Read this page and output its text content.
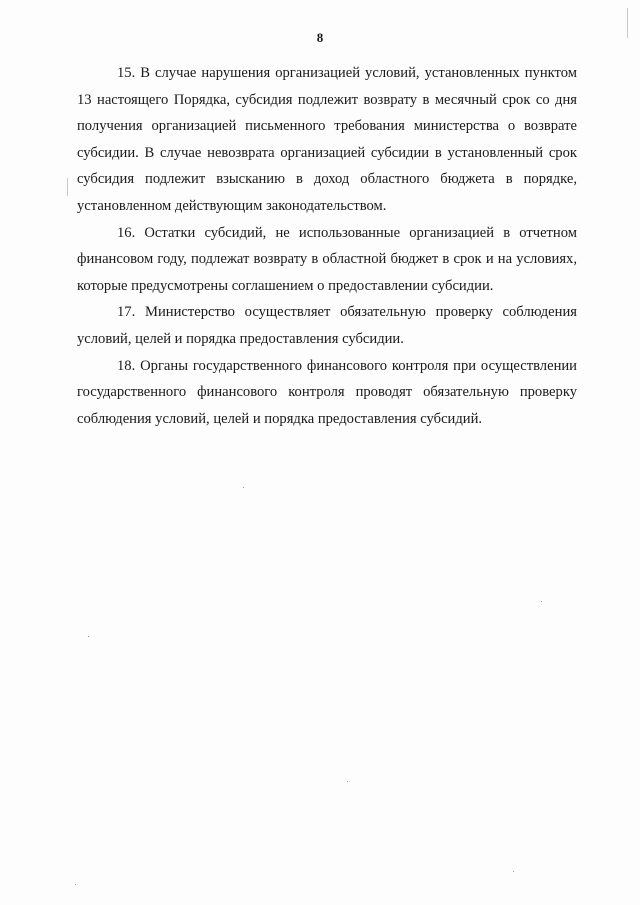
8

15. В случае нарушения организацией условий, установленных пунктом 13 настоящего Порядка, субсидия подлежит возврату в месячный срок со дня получения организацией письменного требования министерства о возврате субсидии. В случае невозврата организацией субсидии в установленный срок субсидия подлежит взысканию в доход областного бюджета в порядке, установленном действующим законодательством.

16. Остатки субсидий, не использованные организацией в отчетном финансовом году, подлежат возврату в областной бюджет в срок и на условиях, которые предусмотрены соглашением о предоставлении субсидии.

17. Министерство осуществляет обязательную проверку соблюдения условий, целей и порядка предоставления субсидии.

18. Органы государственного финансового контроля при осуществлении государственного финансового контроля проводят обязательную проверку соблюдения условий, целей и порядка предоставления субсидий.
